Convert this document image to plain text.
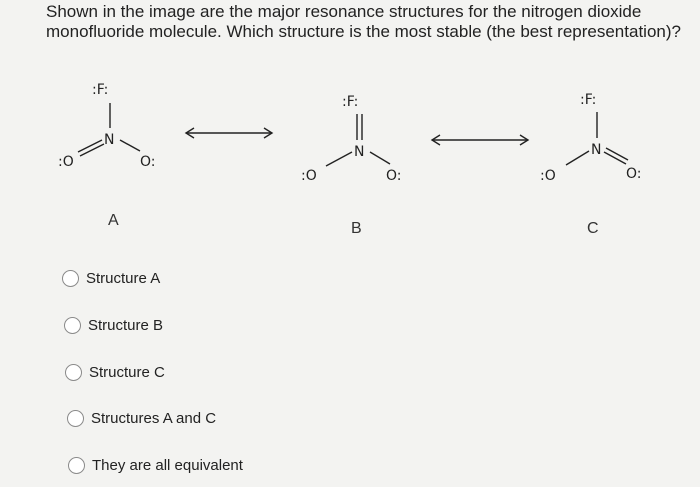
Shown in the image are the major resonance structures for the nitrogen dioxide monofluoride molecule. Which structure is the most stable (the best representation)?
:F:
N
:O	O:
:F:
N
:O	O:
:F:
N
:O	O:
A	B	C
Structure A
Structure B
Structure C
Structures A and C
They are all equivalent
